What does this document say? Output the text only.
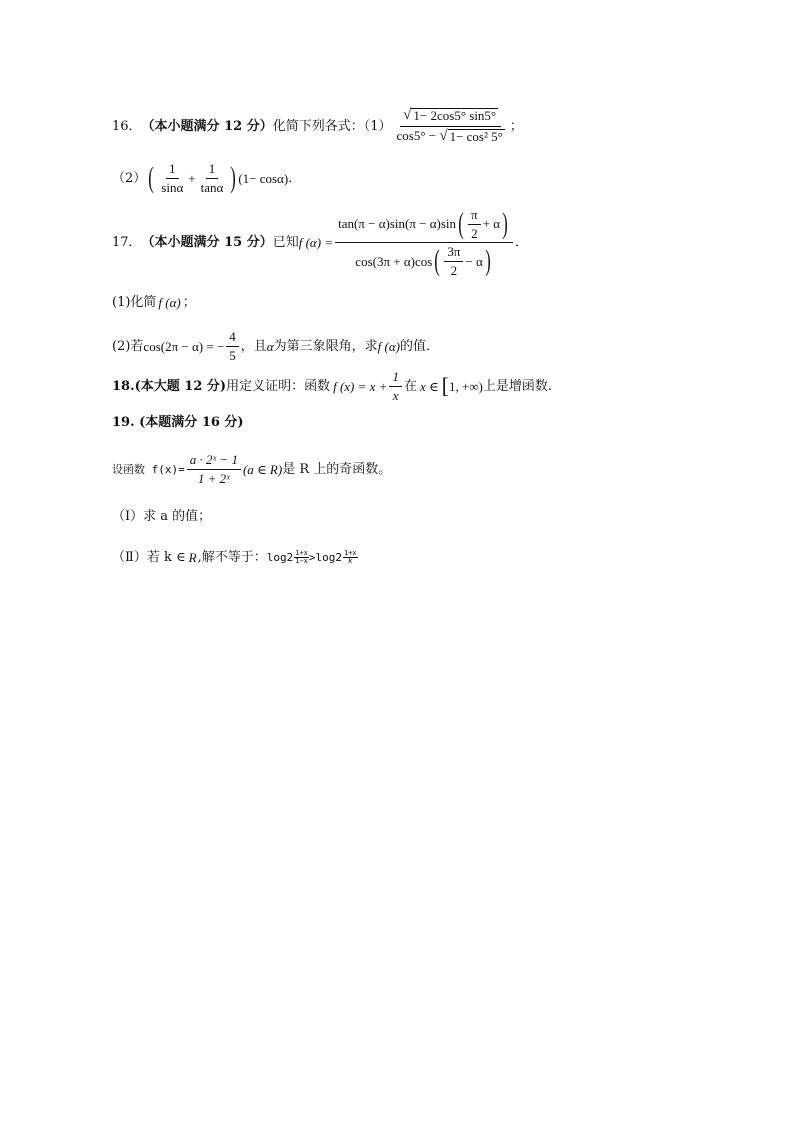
16． （本小题满分 12 分） 化简下列各式：$(1) \frac{√ 1- 2\cos 5^\circ \sin 5^\circ}{\text{cos5° − √ 1− cos² 5°}}$ ；
（2） ( $\frac{1}{\sin\alpha} + \frac{1}{\tan\alpha}$ ) (1− cosα) ．
17． （本小题满分 15 分） 已知 f $(\alpha) = \frac{\tan(\pi - \alpha)\sin(\pi - \alpha)\sin ( \frac{\pi}{2} + \alpha )}{\cos(3\pi + \alpha)\cos ( \frac{3\pi}{2} - \alpha )}$ ．
(1)化简 f (α) ；
(2)若 cos(2π − α) = − $\frac{4}{5}$ ，且 α 为第三象限角，求 f (α) 的值．
18.(本大题 12 分) 用定义证明：函数 f $(x) = x + \frac{1}{x}$ 在 x ∈ [ 1, +∞) 上是增函数.
19. (本题满分 16 分)
设函数 $f(x)= \frac{\text{a · 2ˣ − 1}}{\text{1 + 2ˣ}} (a$ ∈ R) 是 R 上的奇函数。
（Ⅰ）求 a 的值；
（Ⅱ）若 k ∈ R ,解不等于： $\log 2 \frac{1+x}{1-x} > \log 2 \frac{1+x}{k}$
